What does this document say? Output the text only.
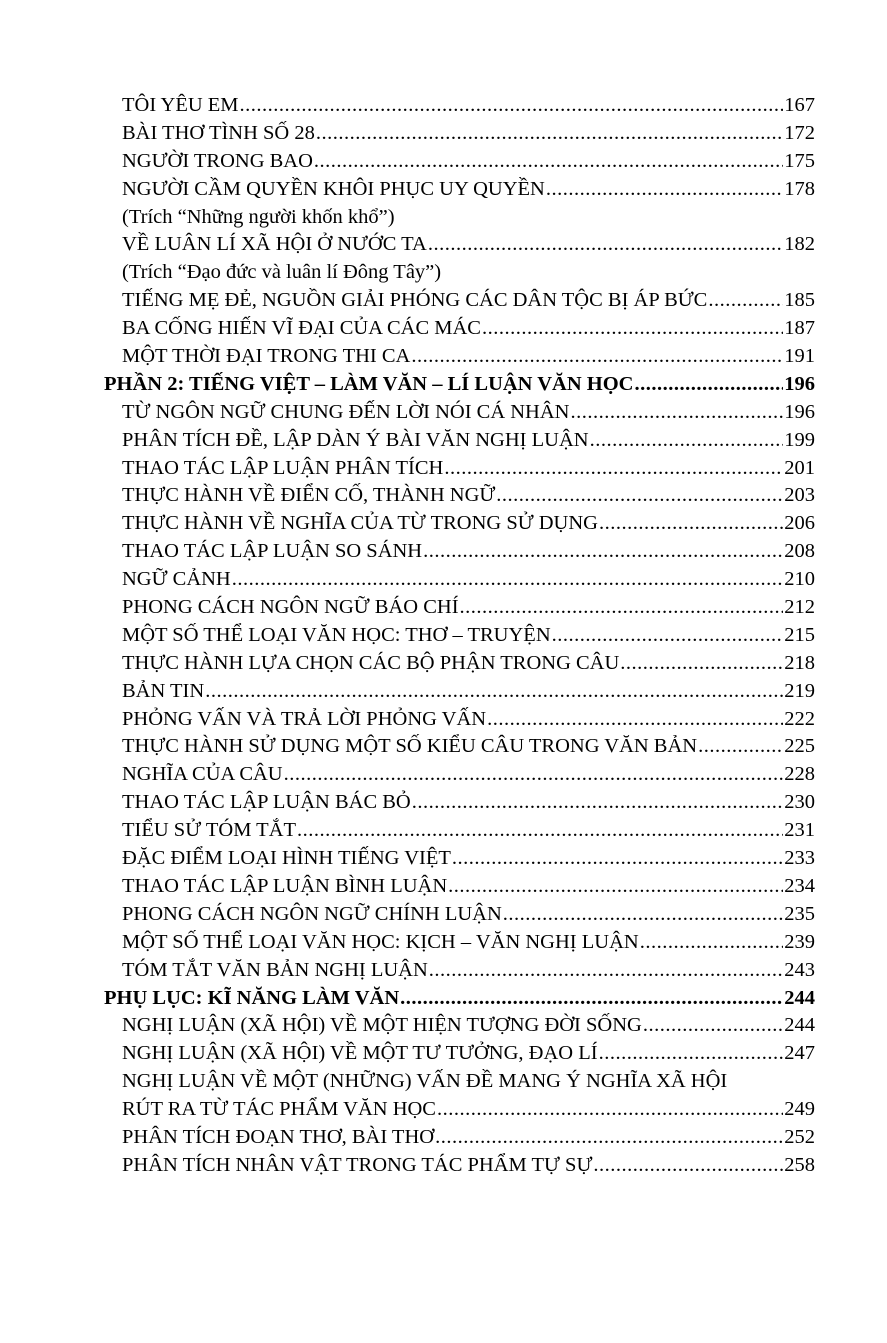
TÔI YÊU EM .....	167
BÀI THƠ TÌNH SỐ 28 .....	172
NGƯỜI TRONG BAO .....	175
NGƯỜI CẦM QUYỀN KHÔI PHỤC UY QUYỀN .....	178
(Trích “Những người khốn khổ”)
VỀ LUÂN LÍ XÃ HỘI Ở NƯỚC TA .....	182
(Trích “Đạo đức và luân lí Đông Tây”)
TIẾNG MẸ ĐẺ, NGUỒN GIẢI PHÓNG CÁC DÂN TỘC BỊ ÁP BỨC .....	185
BA CỐNG HIẾN VĨ ĐẠI CỦA CÁC MÁC .....	187
MỘT THỜI ĐẠI TRONG THI CA .....	191
PHẦN 2: TIẾNG VIỆT – LÀM VĂN – LÍ LUẬN VĂN HỌC .....	196
TỪ NGÔN NGỮ CHUNG ĐẾN LỜI NÓI CÁ NHÂN .....	196
PHÂN TÍCH ĐỀ, LẬP DÀN Ý BÀI VĂN NGHỊ LUẬN .....	199
THAO TÁC LẬP LUẬN PHÂN TÍCH .....	201
THỰC HÀNH VỀ ĐIỂN CỐ, THÀNH NGỮ .....	203
THỰC HÀNH VỀ NGHĨA CỦA TỪ TRONG SỬ DỤNG .....	206
THAO TÁC LẬP LUẬN SO SÁNH .....	208
NGỮ CẢNH .....	210
PHONG CÁCH NGÔN NGỮ BÁO CHÍ .....	212
MỘT SỐ THỂ LOẠI VĂN HỌC: THƠ – TRUYỆN .....	215
THỰC HÀNH LỰA CHỌN CÁC BỘ PHẬN TRONG CÂU .....	218
BẢN TIN .....	219
PHỎNG VẤN VÀ TRẢ LỜI PHỎNG VẤN .....	222
THỰC HÀNH SỬ DỤNG MỘT SỐ KIỂU CÂU TRONG VĂN BẢN .....	225
NGHĨA CỦA CÂU .....	228
THAO TÁC LẬP LUẬN BÁC BỎ .....	230
TIỂU SỬ TÓM TẮT .....	231
ĐẶC ĐIỂM LOẠI HÌNH TIẾNG VIỆT .....	233
THAO TÁC LẬP LUẬN BÌNH LUẬN .....	234
PHONG CÁCH NGÔN NGỮ CHÍNH LUẬN .....	235
MỘT SỐ THỂ LOẠI VĂN HỌC: KỊCH – VĂN NGHỊ LUẬN .....	239
TÓM TẮT VĂN BẢN NGHỊ LUẬN .....	243
PHỤ LỤC: KĨ NĂNG LÀM VĂN .....	244
NGHỊ LUẬN (XÃ HỘI) VỀ MỘT HIỆN TƯỢNG ĐỜI SỐNG .....	244
NGHỊ LUẬN (XÃ HỘI) VỀ MỘT TƯ TƯỞNG, ĐẠO LÍ .....	247
NGHỊ LUẬN VỀ MỘT (NHỮNG) VẤN ĐỀ MANG Ý NGHĨA XÃ HỘI
RÚT RA TỪ TÁC PHẨM VĂN HỌC .....	249
PHÂN TÍCH ĐOẠN THƠ, BÀI THƠ .....	252
PHÂN TÍCH NHÂN VẬT TRONG TÁC PHẨM TỰ SỰ .....	258
